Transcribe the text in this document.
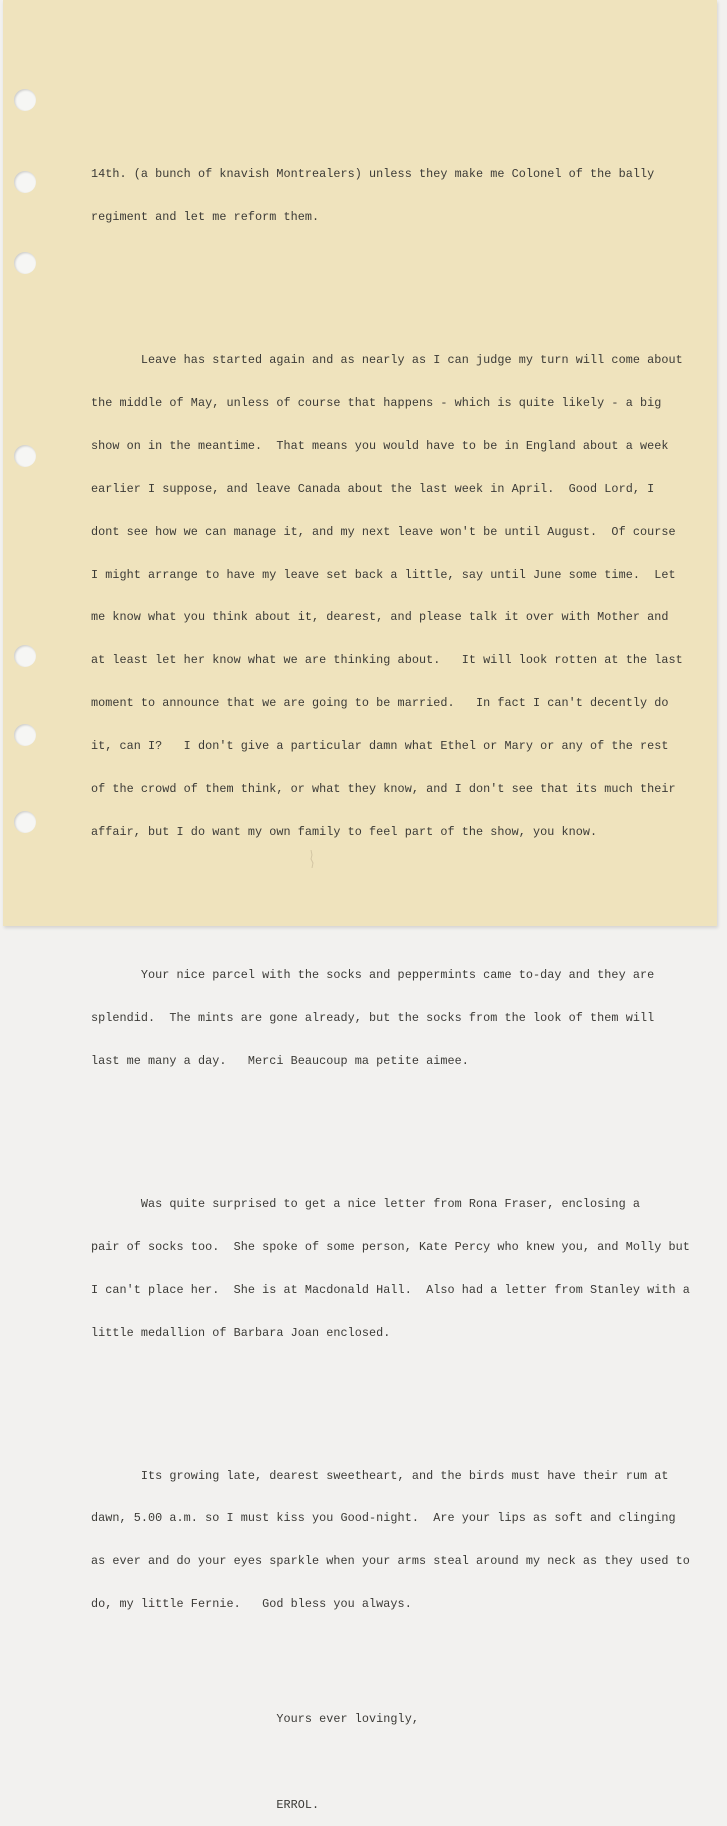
14th. (a bunch of knavish Montrealers) unless they make me Colonel of the bally

regiment and let me reform them.

Leave has started again and as nearly as I can judge my turn will come about

the middle of May, unless of course that happens - which is quite likely - a big

show on in the meantime.  That means you would have to be in England about a week

earlier I suppose, and leave Canada about the last week in April.  Good Lord, I

dont see how we can manage it, and my next leave won't be until August.  Of course

I might arrange to have my leave set back a little, say until June some time.  Let

me know what you think about it, dearest, and please talk it over with Mother and

at least let her know what we are thinking about.   It will look rotten at the last

moment to announce that we are going to be married.   In fact I can't decently do

it, can I?   I don't give a particular damn what Ethel or Mary or any of the rest

of the crowd of them think, or what they know, and I don't see that its much their

affair, but I do want my own family to feel part of the show, you know.

Your nice parcel with the socks and peppermints came to-day and they are

splendid.  The mints are gone already, but the socks from the look of them will

last me many a day.   Merci Beaucoup ma petite aimee.

Was quite surprised to get a nice letter from Rona Fraser, enclosing a

pair of socks too.  She spoke of some person, Kate Percy who knew you, and Molly but

I can't place her.  She is at Macdonald Hall.  Also had a letter from Stanley with a

little medallion of Barbara Joan enclosed.

Its growing late, dearest sweetheart, and the birds must have their rum at

dawn, 5.00 a.m. so I must kiss you Good-night.  Are your lips as soft and clinging

as ever and do your eyes sparkle when your arms steal around my neck as they used to

do, my little Fernie.   God bless you always.

Yours ever lovingly,

ERROL.
